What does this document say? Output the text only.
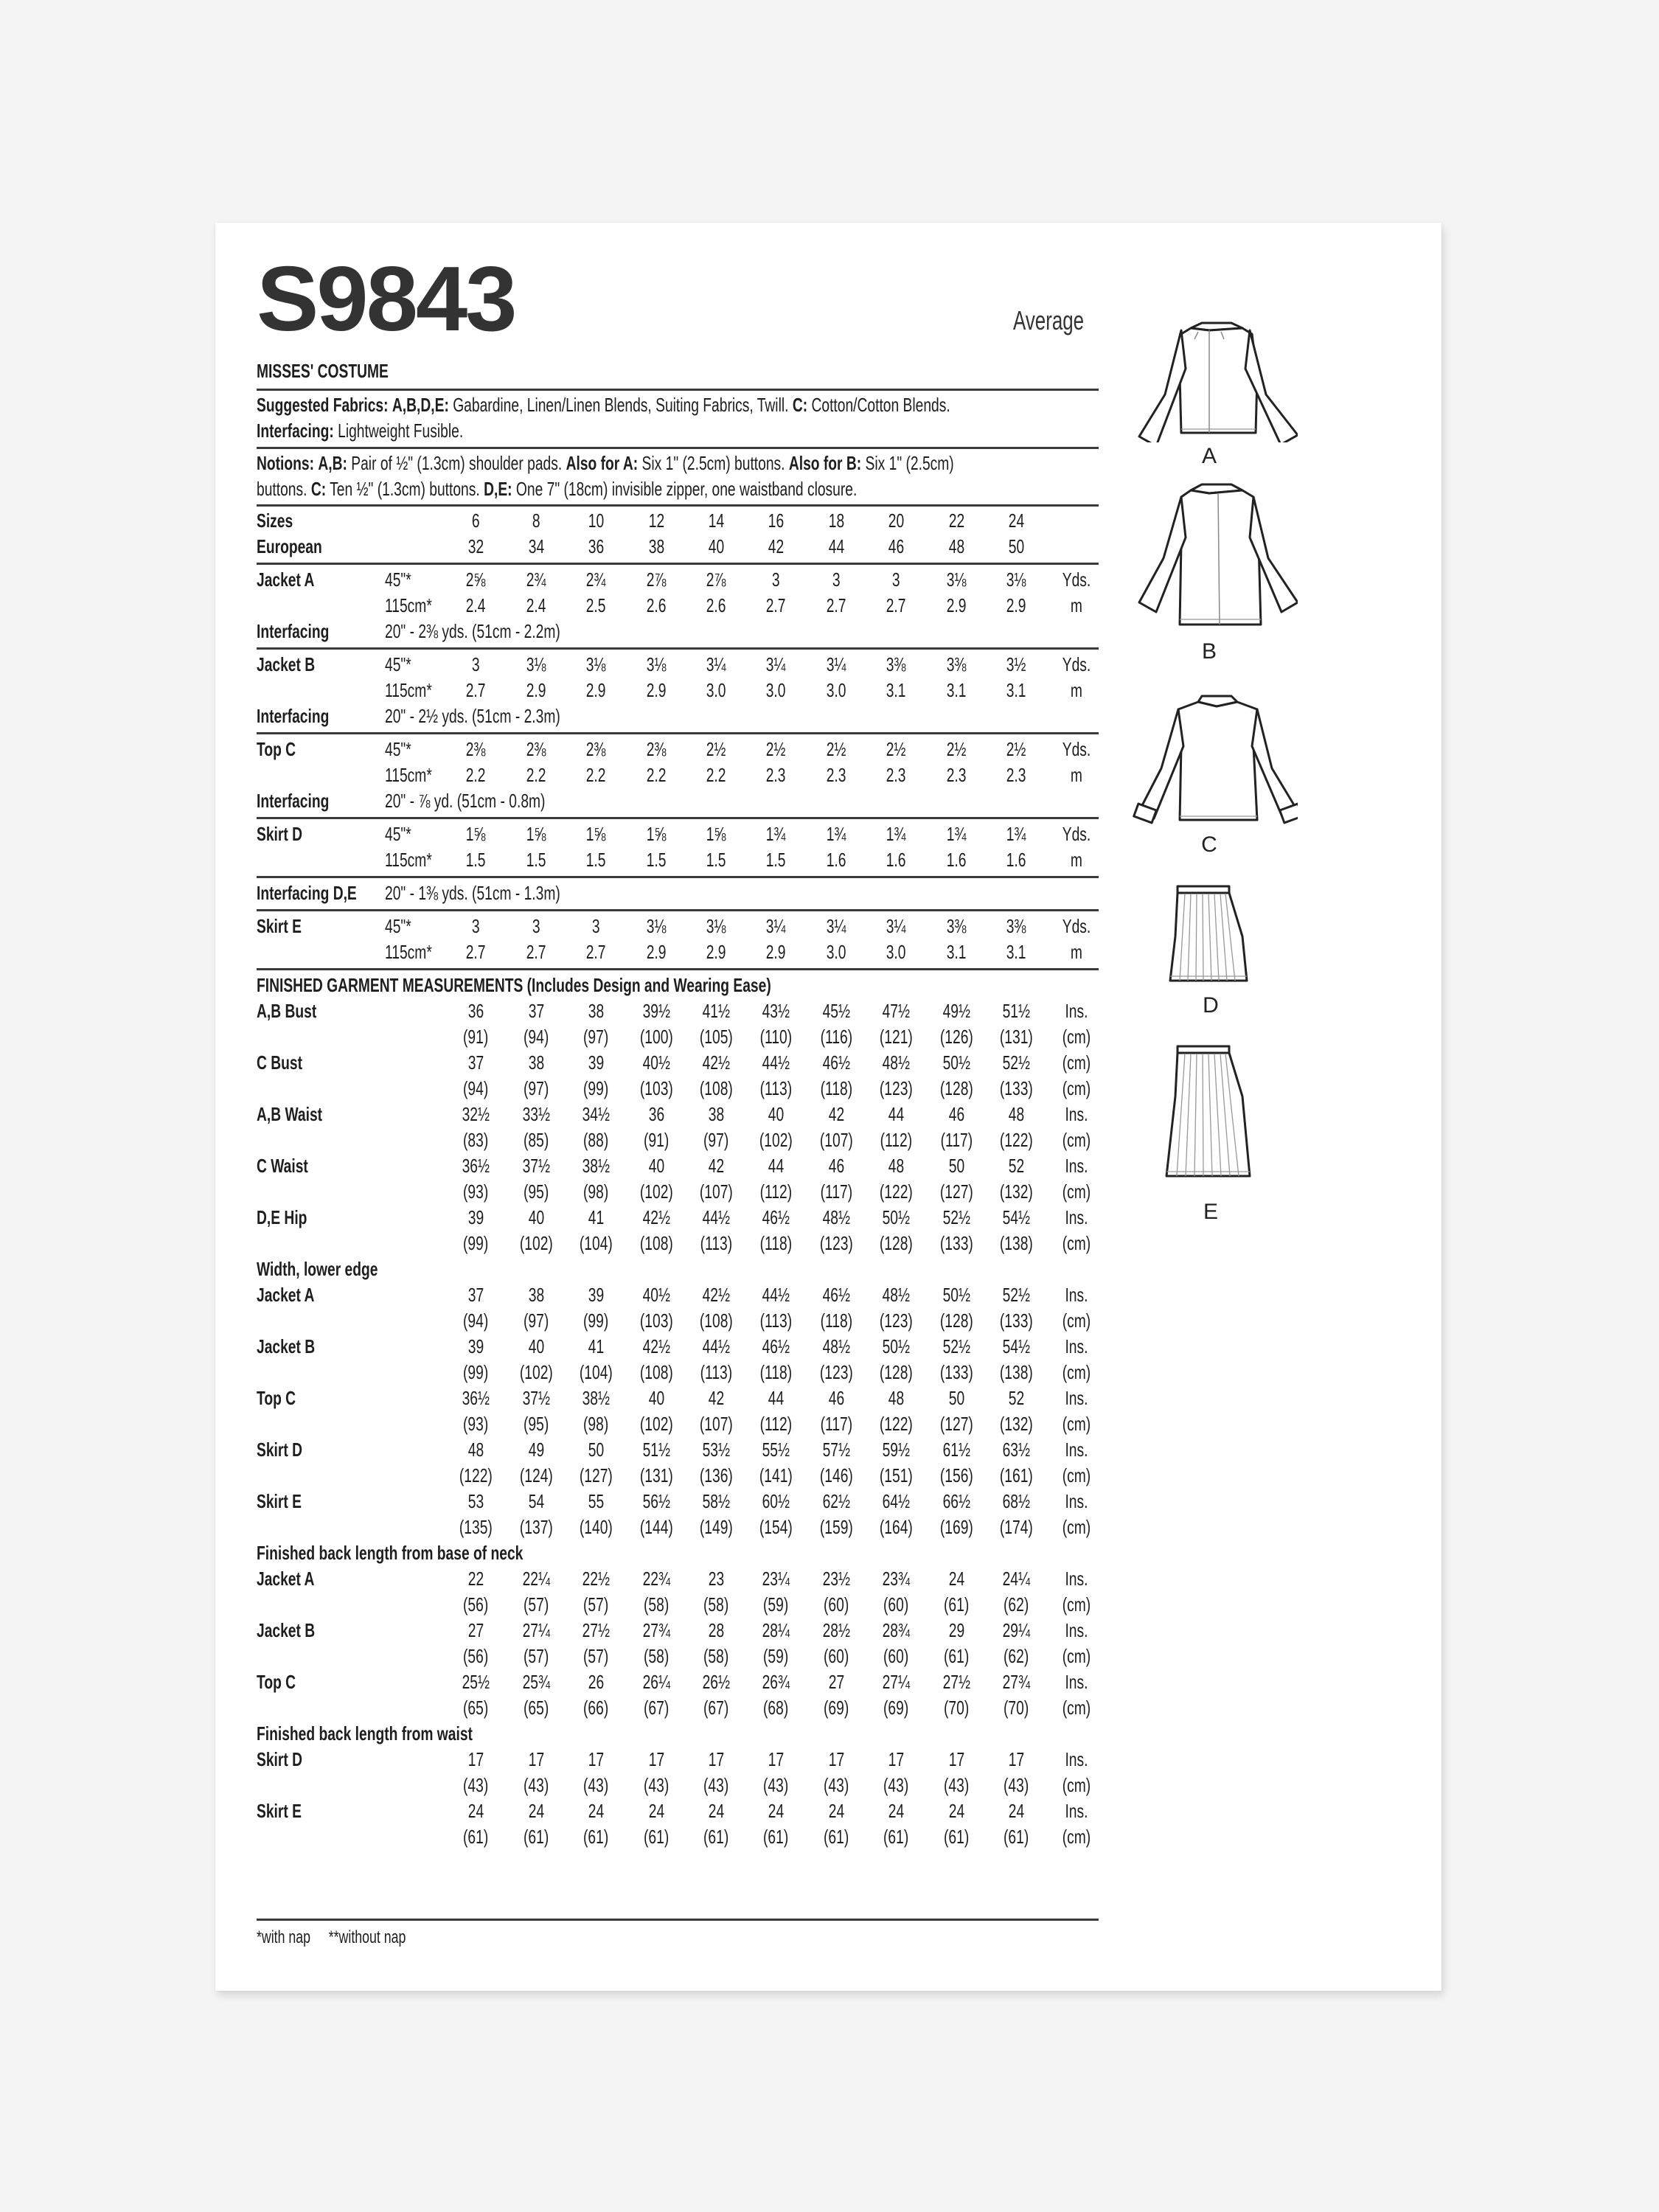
S9843	Average
MISSES' COSTUME
Suggested Fabrics: A,B,D,E: Gabardine, Linen/Linen Blends, Suiting Fabrics, Twill. C: Cotton/Cotton Blends.
Interfacing: Lightweight Fusible.
Notions: A,B: Pair of ½" (1.3cm) shoulder pads. Also for A: Six 1" (2.5cm) buttons. Also for B: Six 1" (2.5cm)
buttons. C: Ten ½" (1.3cm) buttons. D,E: One 7" (18cm) invisible zipper, one waistband closure.
*with nap **without nap
A
B
C
D
E
Sizes	6	8	10	12	14	16	18	20	22	24
European	32	34	36	38	40	42	44	46	48	50
Jacket A	45"*	2⅝	2¾	2¾	2⅞	2⅞	3	3	3	3⅛	3⅛	Yds.
115cm*	2.4	2.4	2.5	2.6	2.6	2.7	2.7	2.7	2.9	2.9	m
Interfacing	20" - 2⅜ yds. (51cm - 2.2m)
Jacket B	45"*	3	3⅛	3⅛	3⅛	3¼	3¼	3¼	3⅜	3⅜	3½	Yds.
115cm*	2.7	2.9	2.9	2.9	3.0	3.0	3.0	3.1	3.1	3.1	m
Interfacing	20" - 2½ yds. (51cm - 2.3m)
Top C	45"*	2⅜	2⅜	2⅜	2⅜	2½	2½	2½	2½	2½	2½	Yds.
115cm*	2.2	2.2	2.2	2.2	2.2	2.3	2.3	2.3	2.3	2.3	m
Interfacing	20" - ⅞ yd. (51cm - 0.8m)
Skirt D	45"*	1⅝	1⅝	1⅝	1⅝	1⅝	1¾	1¾	1¾	1¾	1¾	Yds.
115cm*	1.5	1.5	1.5	1.5	1.5	1.5	1.6	1.6	1.6	1.6	m
Interfacing D,E 20" - 1⅜ yds. (51cm - 1.3m)
Skirt E	45"*	3	3	3	3⅛	3⅛	3¼	3¼	3¼	3⅜	3⅜	Yds.
115cm*	2.7	2.7	2.7	2.9	2.9	2.9	3.0	3.0	3.1	3.1	m
FINISHED GARMENT MEASUREMENTS (Includes Design and Wearing Ease)
A,B Bust	36	37	38	39½	41½	43½	45½	47½	49½	51½	Ins.
(91)	(94)	(97)	(100)	(105)	(110)	(116)	(121)	(126)	(131)	(cm)
C Bust	37	38	39	40½	42½	44½	46½	48½	50½	52½	(cm)
(94)	(97)	(99)	(103)	(108)	(113)	(118)	(123)	(128)	(133)	(cm)
A,B Waist	32½	33½	34½	36	38	40	42	44	46	48	Ins.
(83)	(85)	(88)	(91)	(97)	(102)	(107)	(112)	(117)	(122)	(cm)
C Waist	36½	37½	38½	40	42	44	46	48	50	52	Ins.
(93)	(95)	(98)	(102)	(107)	(112)	(117)	(122)	(127)	(132)	(cm)
D,E Hip	39	40	41	42½	44½	46½	48½	50½	52½	54½	Ins.
(99)	(102)	(104)	(108)	(113)	(118)	(123)	(128)	(133)	(138)	(cm)
Width, lower edge
Jacket A	37	38	39	40½	42½	44½	46½	48½	50½	52½	Ins.
(94)	(97)	(99)	(103)	(108)	(113)	(118)	(123)	(128)	(133)	(cm)
Jacket B	39	40	41	42½	44½	46½	48½	50½	52½	54½	Ins.
(99)	(102)	(104)	(108)	(113)	(118)	(123)	(128)	(133)	(138)	(cm)
Top C	36½	37½	38½	40	42	44	46	48	50	52	Ins.
(93)	(95)	(98)	(102)	(107)	(112)	(117)	(122)	(127)	(132)	(cm)
Skirt D	48	49	50	51½	53½	55½	57½	59½	61½	63½	Ins.
(122)	(124)	(127)	(131)	(136)	(141)	(146)	(151)	(156)	(161)	(cm)
Skirt E	53	54	55	56½	58½	60½	62½	64½	66½	68½	Ins.
(135)	(137)	(140)	(144)	(149)	(154)	(159)	(164)	(169)	(174)	(cm)
Finished back length from base of neck
Jacket A	22	22¼	22½	22¾	23	23¼	23½	23¾	24	24¼	Ins.
(56)	(57)	(57)	(58)	(58)	(59)	(60)	(60)	(61)	(62)	(cm)
Jacket B	27	27¼	27½	27¾	28	28¼	28½	28¾	29	29¼	Ins.
(56)	(57)	(57)	(58)	(58)	(59)	(60)	(60)	(61)	(62)	(cm)
Top C	25½	25¾	26	26¼	26½	26¾	27	27¼	27½	27¾	Ins.
(65)	(65)	(66)	(67)	(67)	(68)	(69)	(69)	(70)	(70)	(cm)
Finished back length from waist
Skirt D	17	17	17	17	17	17	17	17	17	17	Ins.
(43)	(43)	(43)	(43)	(43)	(43)	(43)	(43)	(43)	(43)	(cm)
Skirt E	24	24	24	24	24	24	24	24	24	24	Ins.
(61)	(61)	(61)	(61)	(61)	(61)	(61)	(61)	(61)	(61)	(cm)
